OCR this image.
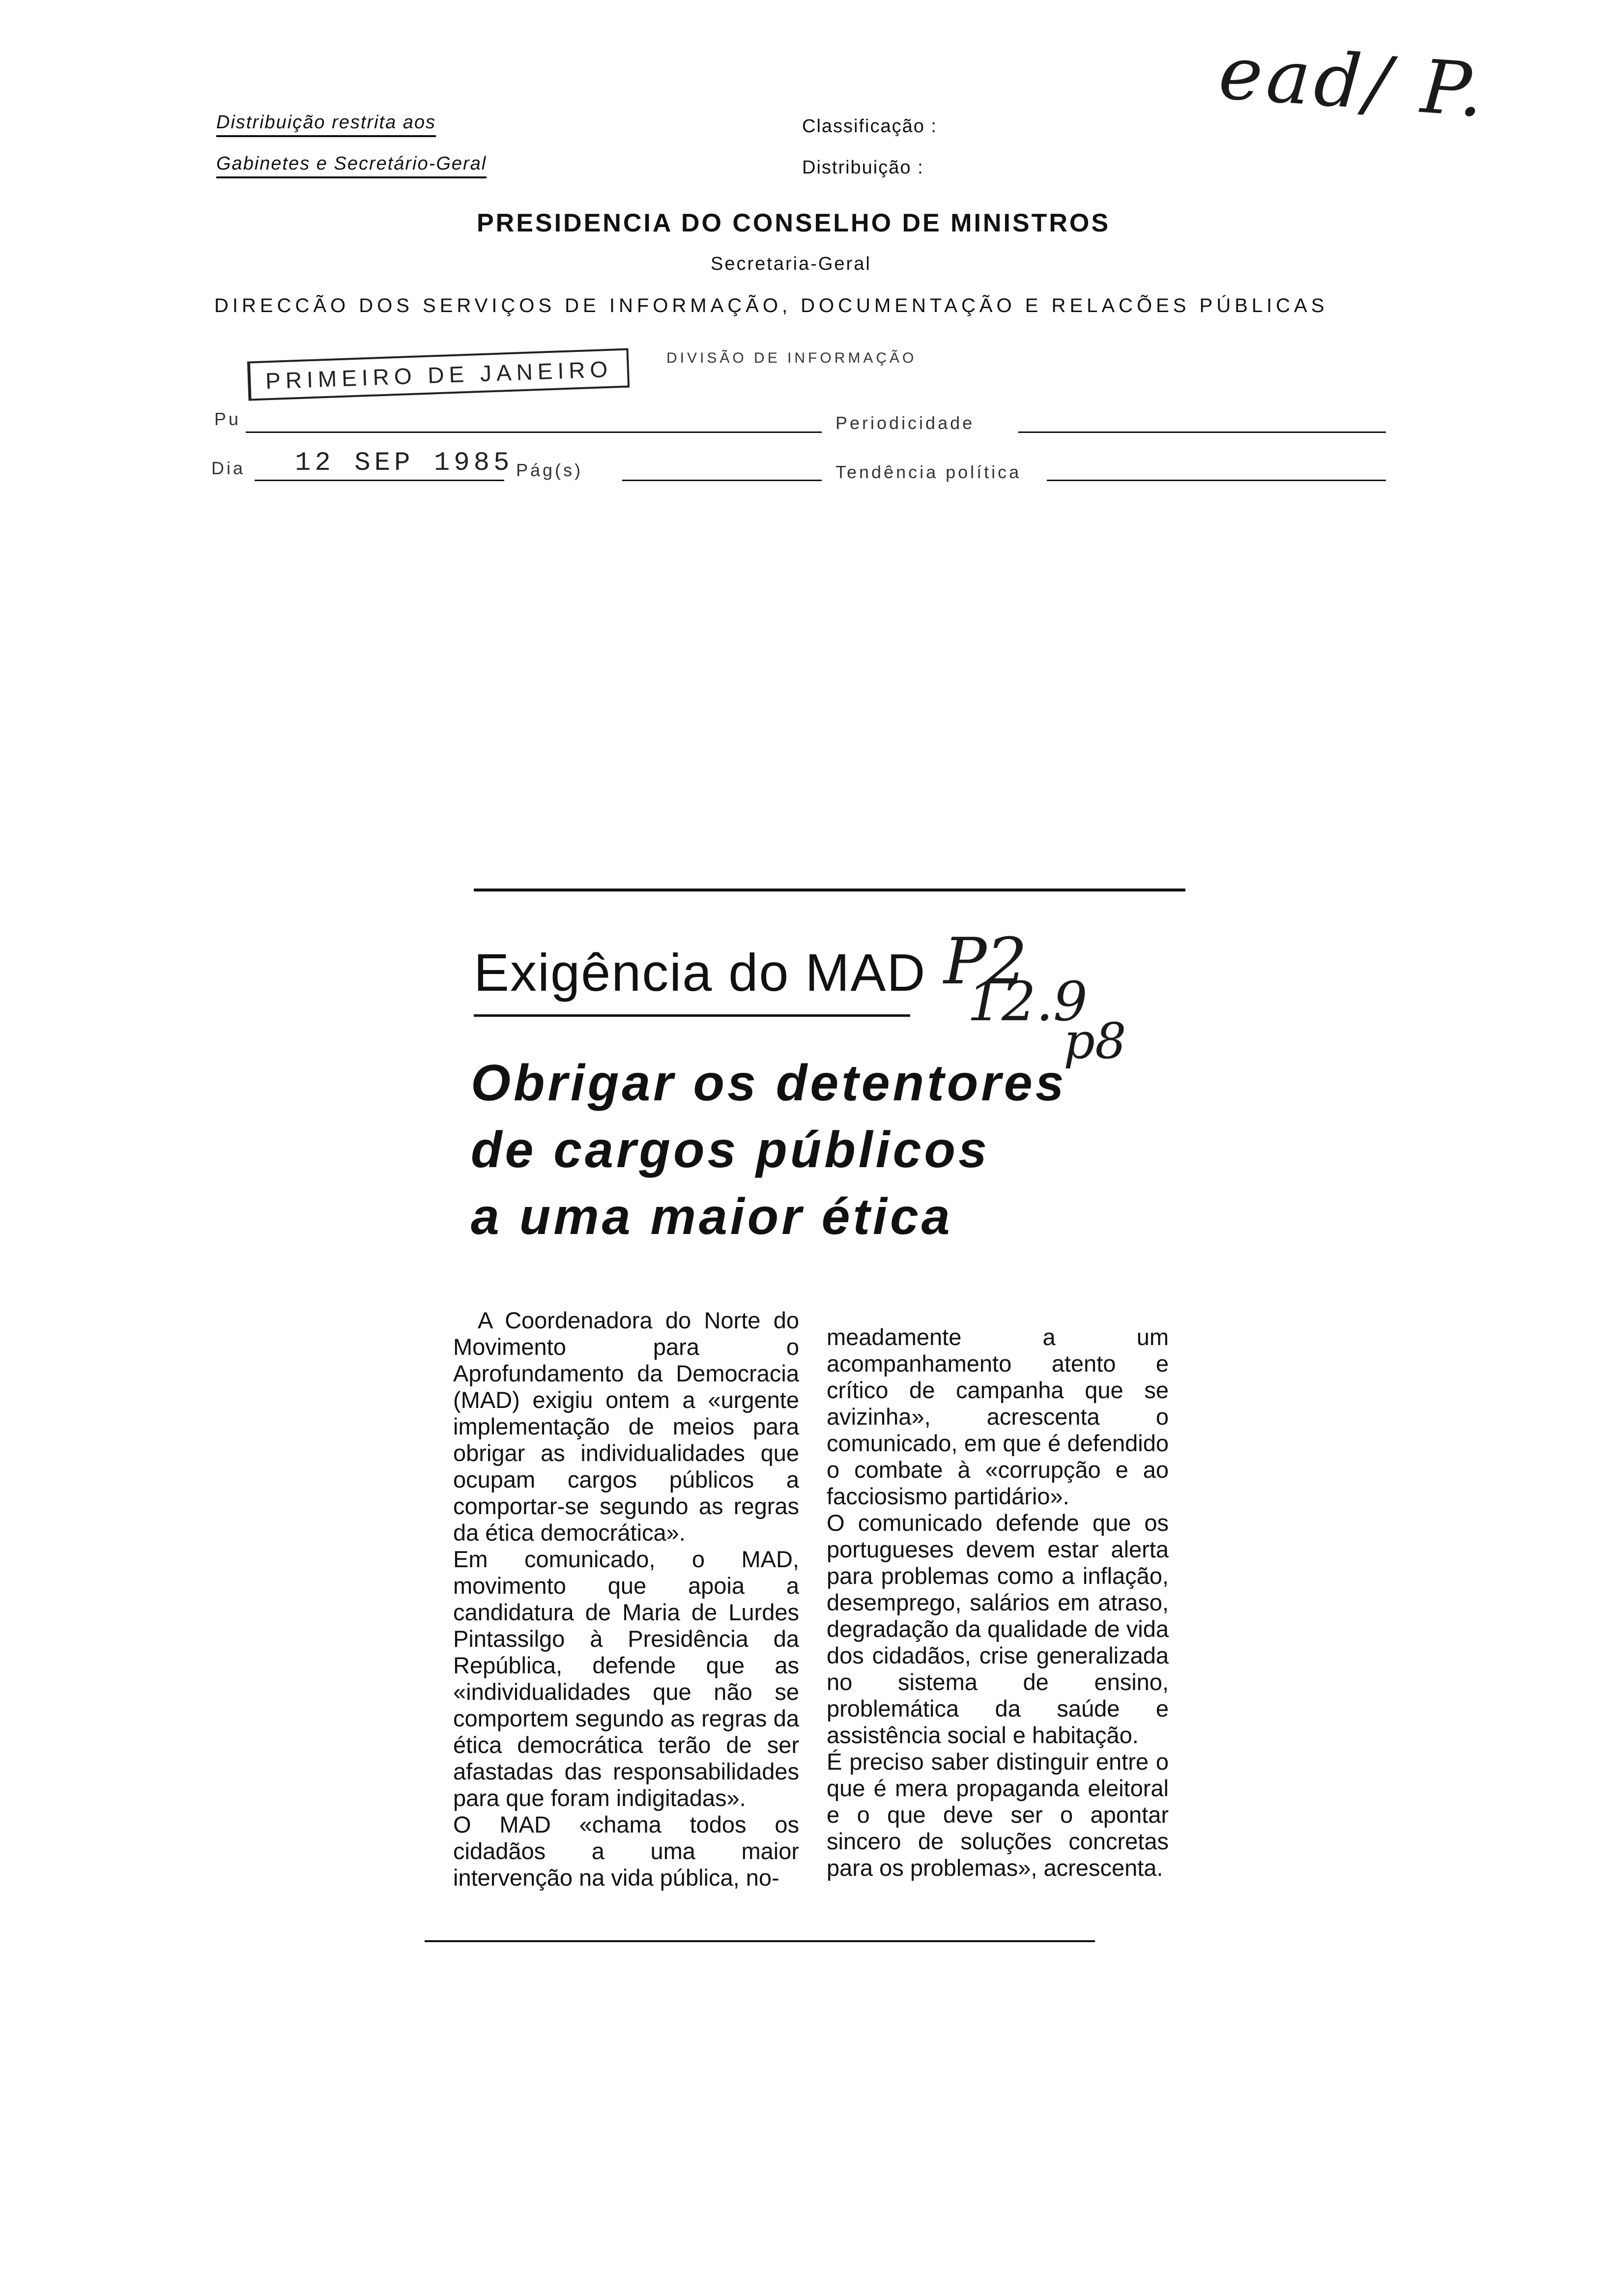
Distribuição restrita aos
Gabinetes e Secretário-Geral
Classificação :
Distribuição :
ead/ P.
PRESIDENCIA DO CONSELHO DE MINISTROS
Secretaria-Geral
DIRECCÃO DOS SERVIÇOS DE INFORMAÇÃO, DOCUMENTAÇÃO E RELACÕES PÚBLICAS
PRIMEIRO DE JANEIRO	DIVISÃO DE INFORMAÇÃO
Pu	Periodicidade
Dia 12 SEP 1985 Pág(s)	Tendência política
Exigência do MAD P2
12.9
p8
Obrigar os detentores
de cargos públicos
a uma maior ética

A Coordenadora do Norte do Movimento para o Aprofundamento da Democracia (MAD) exigiu ontem a «urgente implementação de meios para obrigar as individualidades que ocupam cargos públicos a comportar-se segundo as regras da ética democrática».
Em comunicado, o MAD, movimento que apoia a candidatura de Maria de Lurdes Pintassilgo à Presidência da República, defende que as «individualidades que não se comportem segundo as regras da ética democrática terão de ser afastadas das responsabilidades para que foram indigitadas».
O MAD «chama todos os cidadãos a uma maior intervenção na vida pública, no-

meadamente a um acompanhamento atento e crítico de campanha que se avizinha», acrescenta o comunicado, em que é defendido o combate à «corrupção e ao facciosismo partidário».
O comunicado defende que os portugueses devem estar alerta para problemas como a inflação, desemprego, salários em atraso, degradação da qualidade de vida dos cidadãos, crise generalizada no sistema de ensino, problemática da saúde e assistência social e habitação.
É preciso saber distinguir entre o que é mera propaganda eleitoral e o que deve ser o apontar sincero de soluções concretas para os problemas», acrescenta.
